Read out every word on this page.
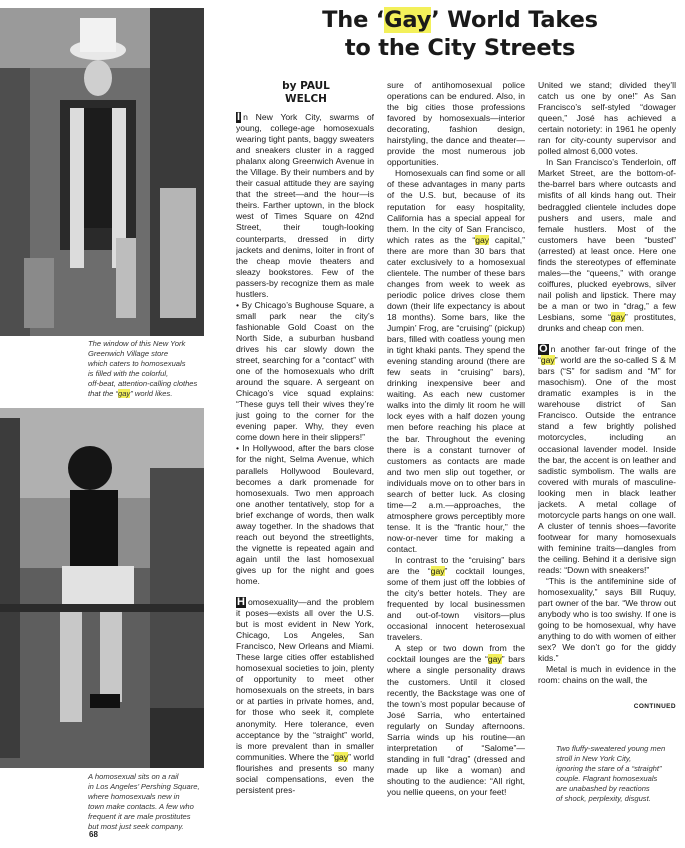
The ‘Gay’ World Takes
to the City Streets
by PAUL
WELCH
The window of this New York
Greenwich Village store
which caters to homosexuals
is filled with the colorful,
off-beat, attention-calling clothes
that the “gay” world likes.
A homosexual sits on a rail
in Los Angeles’ Pershing Square,
where homosexuals new in
town make contacts. A few who
frequent it are male prostitutes
but most just seek company.

I n New York City, swarms of young, college-age homosexuals wearing tight pants, baggy sweaters and sneakers cluster in a ragged phalanx along Greenwich Avenue in the Village. By their numbers and by their casual attitude they are saying that the street—and the hour—is theirs. Farther uptown, in the block west of Times Square on 42nd Street, their tough-looking counterparts, dressed in dirty jackets and denims, loiter in front of the cheap movie theaters and sleazy bookstores. Few of the passers-by recognize them as male hustlers.

• By Chicago’s Bughouse Square, a small park near the city’s fashionable Gold Coast on the North Side, a suburban husband drives his car slowly down the street, searching for a “contact” with one of the homosexuals who drift around the square. A sergeant on Chicago’s vice squad explains: “These guys tell their wives they’re just going to the corner for the evening paper. Why, they even come down here in their slippers!”

• In Hollywood, after the bars close for the night, Selma Avenue, which parallels Hollywood Boulevard, becomes a dark promenade for homosexuals. Two men approach one another tentatively, stop for a brief exchange of words, then walk away together. In the shadows that reach out beyond the streetlights, the vignette is repeated again and again until the last homosexual gives up for the night and goes home.

H omosexuality—and the problem it poses—exists all over the U.S. but is most evident in New York, Chicago, Los Angeles, San Francisco, New Orleans and Miami. These large cities offer established homosexual societies to join, plenty of opportunity to meet other homosexuals on the streets, in bars or at parties in private homes, and, for those who seek it, complete anonymity. Here tolerance, even acceptance by the “straight” world, is more prevalent than in smaller communities. Where the “gay” world flourishes and presents so many social compensations, even the persistent pres-

sure of antihomosexual police operations can be endured. Also, in the big cities those professions favored by homosexuals—interior decorating, fashion design, hairstyling, the dance and theater—provide the most numerous job opportunities.

Homosexuals can find some or all of these advantages in many parts of the U.S. but, because of its reputation for easy hospitality, California has a special appeal for them. In the city of San Francisco, which rates as the “gay capital,” there are more than 30 bars that cater exclusively to a homosexual clientele. The number of these bars changes from week to week as periodic police drives close them down (their life expectancy is about 18 months). Some bars, like the Jumpin’ Frog, are “cruising” (pickup) bars, filled with coatless young men in tight khaki pants. They spend the evening standing around (there are few seats in “cruising” bars), drinking inexpensive beer and waiting. As each new customer walks into the dimly lit room he will lock eyes with a half dozen young men before reaching his place at the bar. Throughout the evening there is a constant turnover of customers as contacts are made and two men slip out together, or individuals move on to other bars in search of better luck. As closing time—2 a.m.—approaches, the atmosphere grows perceptibly more tense. It is the “frantic hour,” the now-or-never time for making a contact.

In contrast to the “cruising” bars are the “gay” cocktail lounges, some of them just off the lobbies of the city’s better hotels. They are frequented by local businessmen and out-of-town visitors—plus occasional innocent heterosexual travelers.

A step or two down from the cocktail lounges are the “gay” bars where a single personality draws the customers. Until it closed recently, the Backstage was one of the town’s most popular because of José Sarria, who entertained regularly on Sunday afternoons. Sarria winds up his routine—an interpretation of “Salome”—standing in full “drag” (dressed and made up like a woman) and shouting to the audience: “All right, you nellie queens, on your feet!

United we stand; divided they’ll catch us one by one!” As San Francisco’s self-styled “dowager queen,” José has achieved a certain notoriety: in 1961 he openly ran for city-county supervisor and polled almost 6,000 votes.

In San Francisco’s Tenderloin, off Market Street, are the bottom-of-the-barrel bars where outcasts and misfits of all kinds hang out. Their bedraggled clientele includes dope pushers and users, male and female hustlers. Most of the customers have been “busted” (arrested) at least once. Here one finds the stereotypes of effeminate males—the “queens,” with orange coiffures, plucked eyebrows, silver nail polish and lipstick. There may be a man or two in “drag,” a few Lesbians, some “gay” prostitutes, drunks and cheap con men.

O n another far-out fringe of the “gay” world are the so-called S & M bars (“S” for sadism and “M” for masochism). One of the most dramatic examples is in the warehouse district of San Francisco. Outside the entrance stand a few brightly polished motorcycles, including an occasional lavender model. Inside the bar, the accent is on leather and sadistic symbolism. The walls are covered with murals of masculine-looking men in black leather jackets. A metal collage of motorcycle parts hangs on one wall. A cluster of tennis shoes—favorite footwear for many homosexuals with feminine traits—dangles from the ceiling. Behind it a derisive sign reads: “Down with sneakers!”

“This is the antifeminine side of homosexuality,” says Bill Ruquy, part owner of the bar. “We throw out anybody who is too swishy. If one is going to be homosexual, why have anything to do with women of either sex? We don’t go for the giddy kids.”

Metal is much in evidence in the room: chains on the wall, the

CONTINUED
Two fluffy-sweatered young men
stroll in New York City,
ignoring the stare of a “straight”
couple. Flagrant homosexuals
are unabashed by reactions
of shock, perplexity, disgust.
68
